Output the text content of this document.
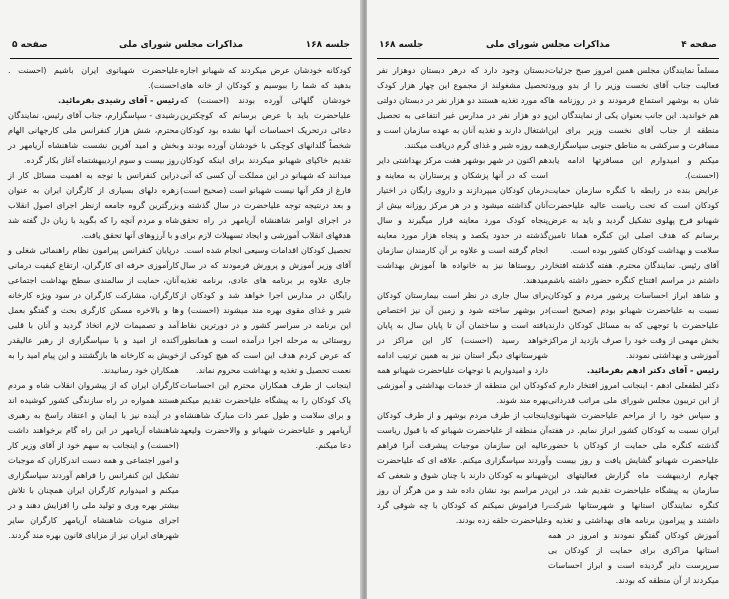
جلسه ۱۶۸
مذاکرات مجلس شورای ملی
صفحه ۵

کودکانه خودشان عرض میکردند که شهبانو اجازه بدهید که شما را ببوسیم و کودکان از خانه های خودشان گلهائی آورده بودند (احسنت) که علیاحضرت باید با عرض برسانم که کوچکترین دعائی درتحریک احساسات آنها نشده بود کودکان شخصاً گلدانهای کوچکی با خودشان آورده بودند و تقدیم خاکپای شهبانو میکردند برای اینکه کودکان میدانند که شهبانو در این مملکت آن کسی که آنی فارغ از فکر آنها نیست شهبانو است (صحیح است) و بعد درنتیجه توجه علیاحضرت در سال گذشته و در اجرای اوامر شاهنشاه آریامهر در راه تحقق هدفهای انقلاب آموزشی و ایجاد تسهیلات لازم برای تحصیل کودکان اقدامات وسیعی انجام شده است.

آقای وزیر آموزش و پرورش فرمودند که در سال جاری علاوه بر برنامه های عادی، برنامه تغذیه رایگان در مدارس اجرا خواهد شد و کودکان از شیر و غذای مقوی بهره مند میشوند (احسنت) و این برنامه در سراسر کشور و در دورترین نقاط روستائی به مرحله اجرا درآمده است و همانطور که عرض کردم هدف این است که هیچ کودکی از نعمت تحصیل و تغذیه و بهداشت محروم نماند.

اینجانب از طرف همکاران محترم این احساسات پاک کودکان را به پیشگاه علیاحضرت تقدیم میکنم و برای سلامت و طول عمر ذات مبارک شاهنشاه آریامهر و علیاحضرت شهبانو و والاحضرت ولیعهد دعا میکنم.

علیاحضرت شهبانوی ایران باشیم (احسنت . احسنت).

رئیس - آقای رشیدی بفرمائید.

رشیدی - سپاسگزارم، جناب آقای رئیس، نمایندگان محترم، شش هزار کنفرانس ملی کارجهانی الهام بخش و امید آفرین نشست شاهنشاه آریامهر در روز بیست و سوم اردیبهشتماه آغاز بکار گرده.

دراین کنفرانس با توجه به اهمیت مسائل کار از زهره دلهای بسیاری از کارگران ایران به عنوان بزرگترین گروه جامعه ازنظر اجرای اصول انقلاب شاه و مردم آنچه را که بگوید با زبان دل گفته شد و با آرزوهای آنها تحقق یافت.

درپایان کنفرانس پیرامون نظام راهنمائی شغلی و کارآموزی حرفه ای کارگران، ارتقاع کیفیت درمانی آنان، حمایت از سالمندی سطح بهداشت اجتماعی کارگران، مشارکت کارگران در سود ویژه کارخانه ها و بالاخره مسکن کارگری بحث و گفتگو بعمل آمد و تصمیمات لازم اتخاذ گردید و آنان با قلبی آکنده از امید و با سپاسگزاری از رهبر عالیقدر خویش به کارخانه ها بازگشتند و این پیام امید را به همکاران خود رسانیدند.

کارگران ایران که از پیشروان انقلاب شاه و مردم هستند همواره در راه سازندگی کشور کوشیده اند و در آینده نیز با ایمان و اعتقاد راسخ به رهبری شاهنشاه آریامهر در این راه گام برخواهند داشت (احسنت) و اینجانب به سهم خود از آقای وزیر کار و امور اجتماعی و همه دست اندرکاران که موجبات تشکیل این کنفرانس را فراهم آوردند سپاسگزاری میکنم و امیدوارم کارگران ایران همچنان با تلاش بیشتر بهره وری و تولید ملی را افزایش دهند و در اجرای منویات شاهنشاه آریامهر کارگران سایر شهرهای ایران نیز از مزایای قانون بهره مند گردند.

جلسه ۱۶۸	مذاکرات مجلس شورای ملی	صفحه ۴

مسلماً نمایندگان مجلس همین امروز صبح جزئیات فعالیت جناب آقای نخست وزیر را از بدو ورود شان به بوشهر استماع فرمودند و در روزنامه ها هم خواندید. این جانب بعنوان یکی از نمایندگان این منطقه از جناب آقای نخست وزیر برای این مسافرت و سرکشی به مناطق جنوبی سپاسگزاری میکنم و امیدوارم این مسافرتها ادامه یابد (احسنت).

عرایض بنده در رابطه با کنگره سازمان حمایت کودکان است که تحت ریاست عالیه علیاحضرت شهبانو فرح پهلوی تشکیل گردید و باید به عرض برسانم که هدف اصلی این کنگره همانا تامین سلامت و بهداشت کودکان کشور بوده است.

آقای رئیس. نمایندگان محترم. هفته گذشته افتخار داشتم در مراسم افتتاح کنگره حضور داشته باشم و شاهد ابراز احساسات پرشور مردم و کودکان نسبت به علیاحضرت شهبانو بودم (صحیح است) علیاحضرت با توجهی که به مسائل کودکان دارند بخش مهمی از وقت خود را صرف بازدید از مراکز آموزشی و بهداشتی نمودند.

رئیس - آقای دکتر ادهم بفرمائید.

دکتر لطفعلی ادهم - اینجانب امروز افتخار دارم که از این تریبون مجلس شورای ملی مراتب قدردانی و سپاس خود را از مراحم علیاحضرت شهبانوی ایران نسبت به کودکان کشور ابراز نمایم. در هفته گذشته کنگره ملی حمایت از کودکان با حضور علیاحضرت شهبانو گشایش یافت و روز بیست و چهارم اردیبهشت ماه گزارش فعالیتهای این سازمان به پیشگاه علیاحضرت تقدیم شد. در این کنگره نمایندگان استانها و شهرستانها شرکت داشتند و پیرامون برنامه های بهداشتی و تغذیه و آموزش کودکان گفتگو نمودند و امروز در همه استانها مراکزی برای حمایت از کودکان بی سرپرست دایر گردیده است و ابراز احساسات میکردند از آن منطقه که بودند.

دبستان وجود دارد که درهر دبستان دوهزار نفر تحصیل مشغولند از مجموع این چهار هزار کودک که مورد تغذیه هستند دو هزار نفر در دبستان دولتی و دو هزار نفر در مدارس غیر انتفاعی به تحصیل اشتغال دارند و تغذیه آنان به عهده سازمان است و همه روزه شیر و غذای گرم دریافت میکنند.

هم اکنون در شهر بوشهر هفت مرکز بهداشتی دایر است که در آنها پزشکان و پرستاران به معاینه و درمان کودکان میپردازند و داروی رایگان در اختیار آنان گذاشته میشود و در هر مرکز روزانه بیش از پنجاه کودک مورد معاینه قرار میگیرند و سال گذشته در حدود یکصد و پنجاه هزار مورد معاینه انجام گرفته است و علاوه بر آن کارمندان سازمان در روستاها نیز به خانواده ها آموزش بهداشت میدهند.

برای سال جاری در نظر است بیمارستان کودکان در بوشهر ساخته شود و زمین آن نیز اختصاص یافته است و ساختمان آن تا پایان سال به پایان خواهد رسید (احسنت) کار این مراکز در شهرستانهای دیگر استان نیز به همین ترتیب ادامه دارد و امیدواریم با توجهات علیاحضرت شهبانو همه کودکان این منطقه از خدمات بهداشتی و آموزشی بهره مند شوند.

اینجانب از طرف مردم بوشهر و از طرف کودکان آن منطقه از علیاحضرت شهبانو که با قبول ریاست عالیه این سازمان موجبات پیشرفت آنرا فراهم آوردند سپاسگزاری میکنم. علاقه ای که علیاحضرت شهبانو به کودکان دارند با چنان شوق و شعفی که در مراسم بود نشان داده شد و من هرگز آن روز را فراموش نمیکنم که کودکان با چه شوقی گرد علیاحضرت حلقه زده بودند.
